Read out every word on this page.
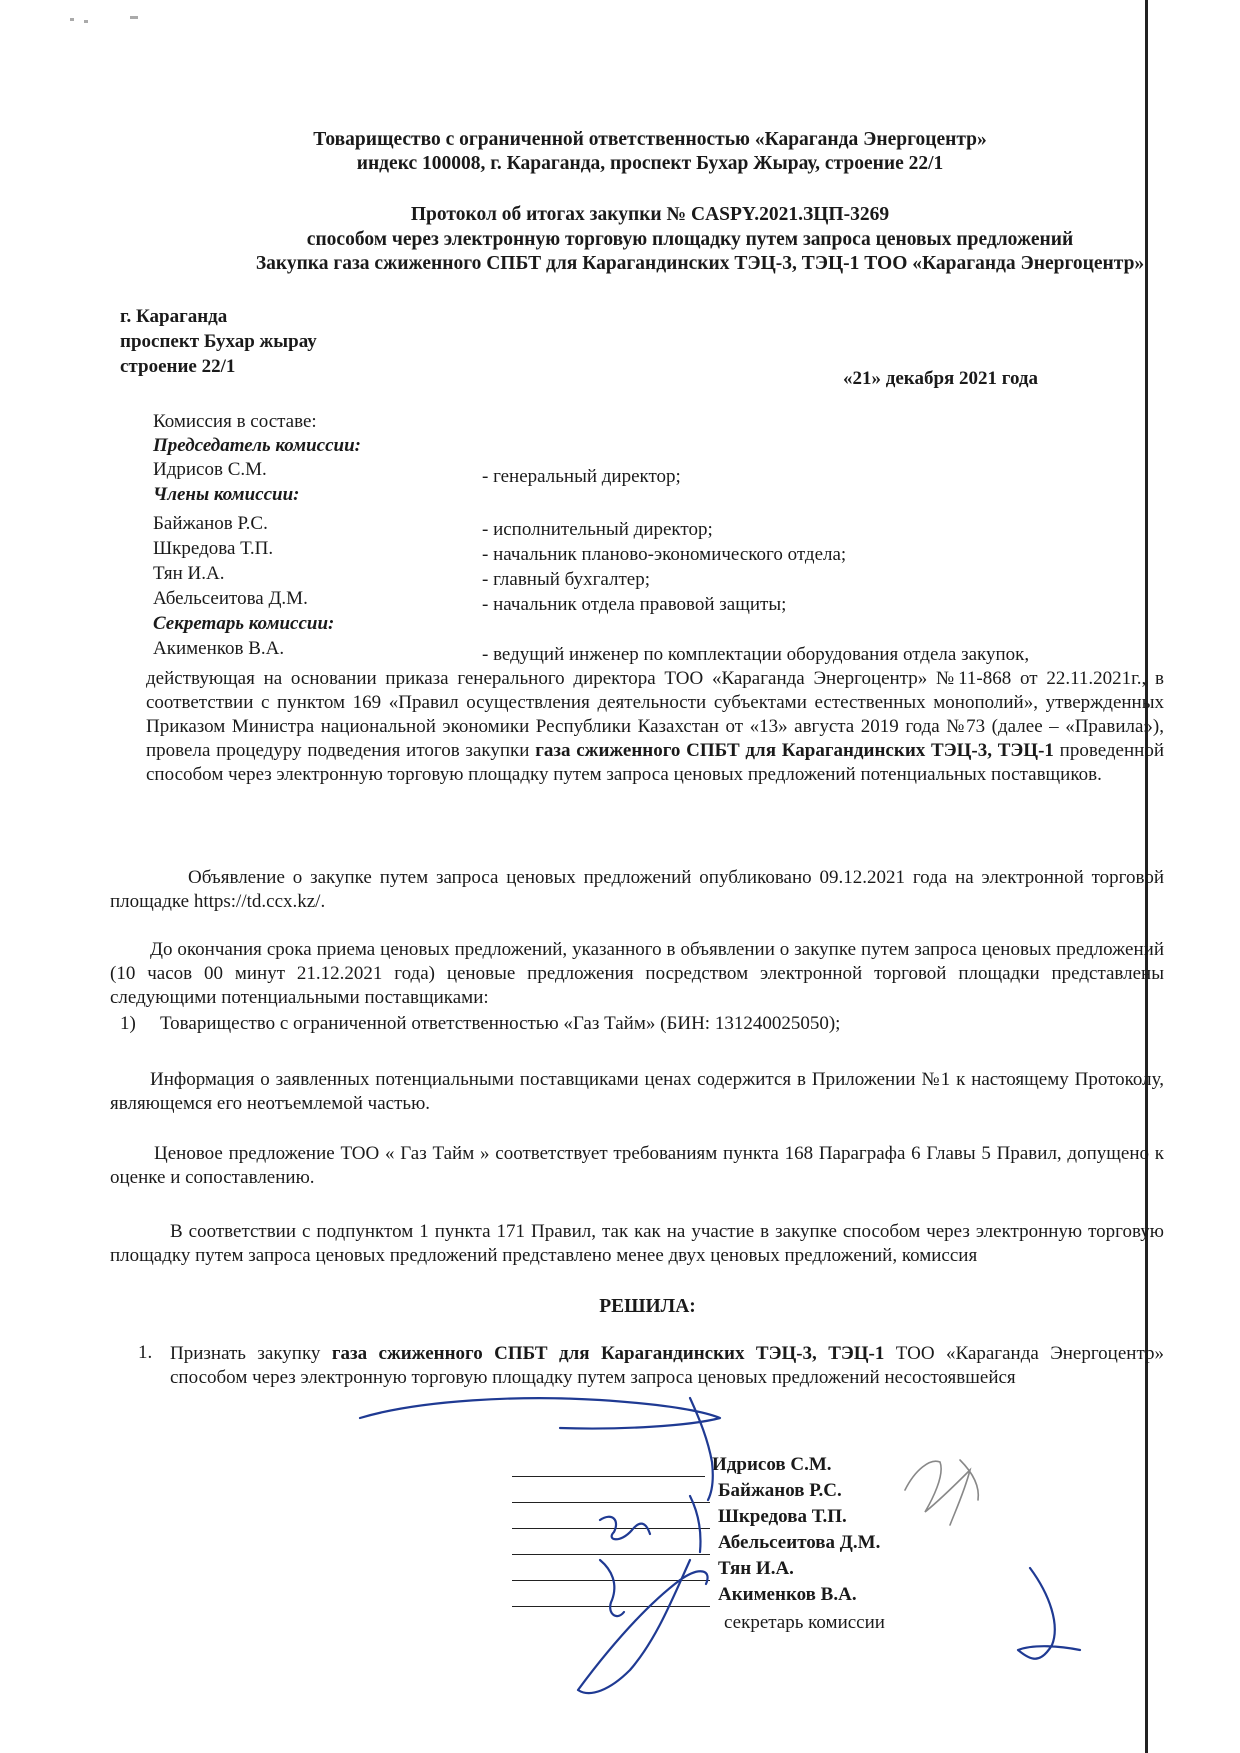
Товарищество с ограниченной ответственностью «Караганда Энергоцентр»
индекс 100008, г. Караганда, проспект Бухар Жырау, строение 22/1
Протокол об итогах закупки № CASPY.2021.ЗЦП-3269
способом через электронную торговую площадку путем запроса ценовых предложений
Закупка газа сжиженного СПБТ для Карагандинских ТЭЦ-3, ТЭЦ-1 ТОО «Караганда Энергоцентр»
г. Караганда
проспект Бухар жырау
строение 22/1
«21» декабря 2021 года
Комиссия в составе:
Председатель комиссии:
Идрисов С.М.	- генеральный директор;
Члены комиссии:
Байжанов Р.С.	- исполнительный директор;
Шкредова Т.П.	- начальник планово-экономического отдела;
Тян И.А.	- главный бухгалтер;
Абельсеитова Д.М.	- начальник отдела правовой защиты;
Секретарь комиссии:
Акименков В.А.	- ведущий инженер по комплектации оборудования отдела закупок,
действующая на основании приказа генерального директора ТОО «Караганда Энергоцентр» №11-868 от 22.11.2021г., в соответствии с пунктом 169 «Правил осуществления деятельности субъектами естественных монополий», утвержденных Приказом Министра национальной экономики Республики Казахстан от «13» августа 2019 года №73 (далее – «Правила»), провела процедуру подведения итогов закупки газа сжиженного СПБТ для Карагандинских ТЭЦ-3, ТЭЦ-1 проведенной способом через электронную торговую площадку путем запроса ценовых предложений потенциальных поставщиков.
Объявление о закупке путем запроса ценовых предложений опубликовано 09.12.2021 года на электронной торговой площадке https://td.ccx.kz/.
До окончания срока приема ценовых предложений, указанного в объявлении о закупке путем запроса ценовых предложений (10 часов 00 минут 21.12.2021 года) ценовые предложения посредством электронной торговой площадки представлены следующими потенциальными поставщиками:
1) Товарищество с ограниченной ответственностью «Газ Тайм» (БИН: 131240025050);
Информация о заявленных потенциальными поставщиками ценах содержится в Приложении №1 к настоящему Протоколу, являющемся его неотъемлемой частью.
Ценовое предложение ТОО « Газ Тайм » соответствует требованиям пункта 168 Параграфа 6 Главы 5 Правил, допущено к оценке и сопоставлению.
В соответствии с подпунктом 1 пункта 171 Правил, так как на участие в закупке способом через электронную торговую площадку путем запроса ценовых предложений представлено менее двух ценовых предложений, комиссия
РЕШИЛА:
1. Признать закупку газа сжиженного СПБТ для Карагандинских ТЭЦ-3, ТЭЦ-1 ТОО «Караганда Энергоцентр» способом через электронную торговую площадку путем запроса ценовых предложений несостоявшейся
Идрисов С.М.
Байжанов Р.С.
Шкредова Т.П.
Абельсеитова Д.М.
Тян И.А.
Акименков В.А.
секретарь комиссии
